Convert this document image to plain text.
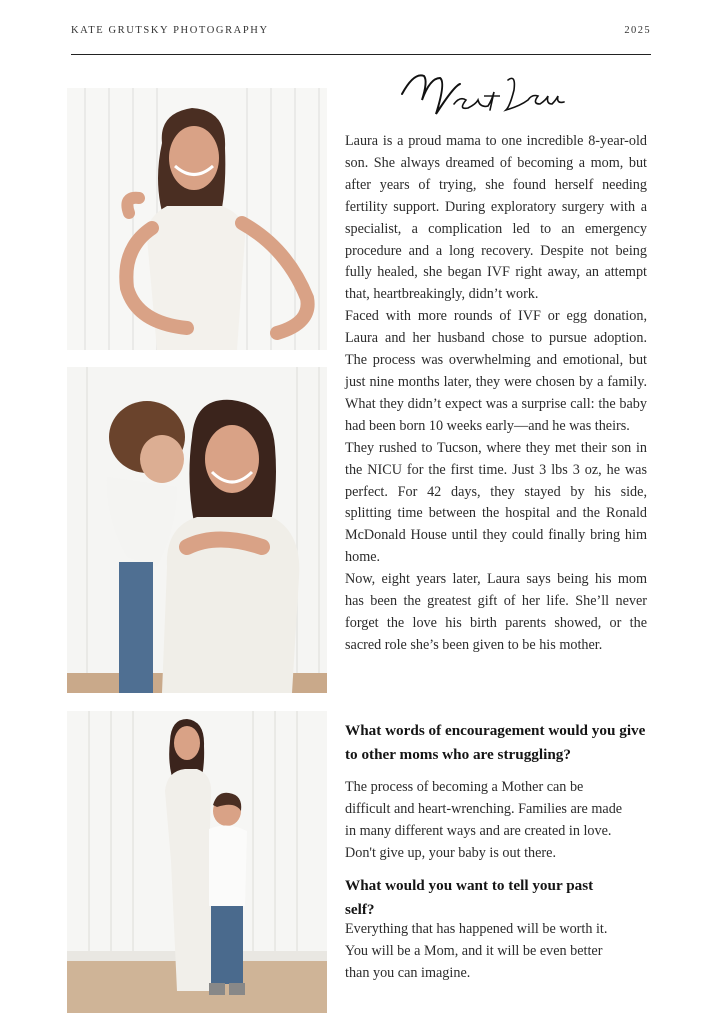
KATE GRUTSKY PHOTOGRAPHY	2025

Laura is a proud mama to one incredible 8-year-old son. She always dreamed of becoming a mom, but after years of trying, she found herself needing fertility support. During exploratory surgery with a specialist, a complication led to an emergency procedure and a long recovery. Despite not being fully healed, she began IVF right away, an attempt that, heartbreakingly, didn’t work.

Faced with more rounds of IVF or egg donation, Laura and her husband chose to pursue adoption. The process was overwhelming and emotional, but just nine months later, they were chosen by a family. What they didn’t expect was a surprise call: the baby had been born 10 weeks early—and he was theirs.

They rushed to Tucson, where they met their son in the NICU for the first time. Just 3 lbs 3 oz, he was perfect. For 42 days, they stayed by his side, splitting time between the hospital and the Ronald McDonald House until they could finally bring him home.

Now, eight years later, Laura says being his mom has been the greatest gift of her life. She’ll never forget the love his birth parents showed, or the sacred role she’s been given to be his mother.

What words of encouragement would you give to other moms who are struggling?
The process of becoming a Mother can be
difficult and heart-wrenching. Families are made
in many different ways and are created in love.
Don't give up, your baby is out there.
What would you want to tell your past
self?
Everything that has happened will be worth it.
You will be a Mom, and it will be even better
than you can imagine.
